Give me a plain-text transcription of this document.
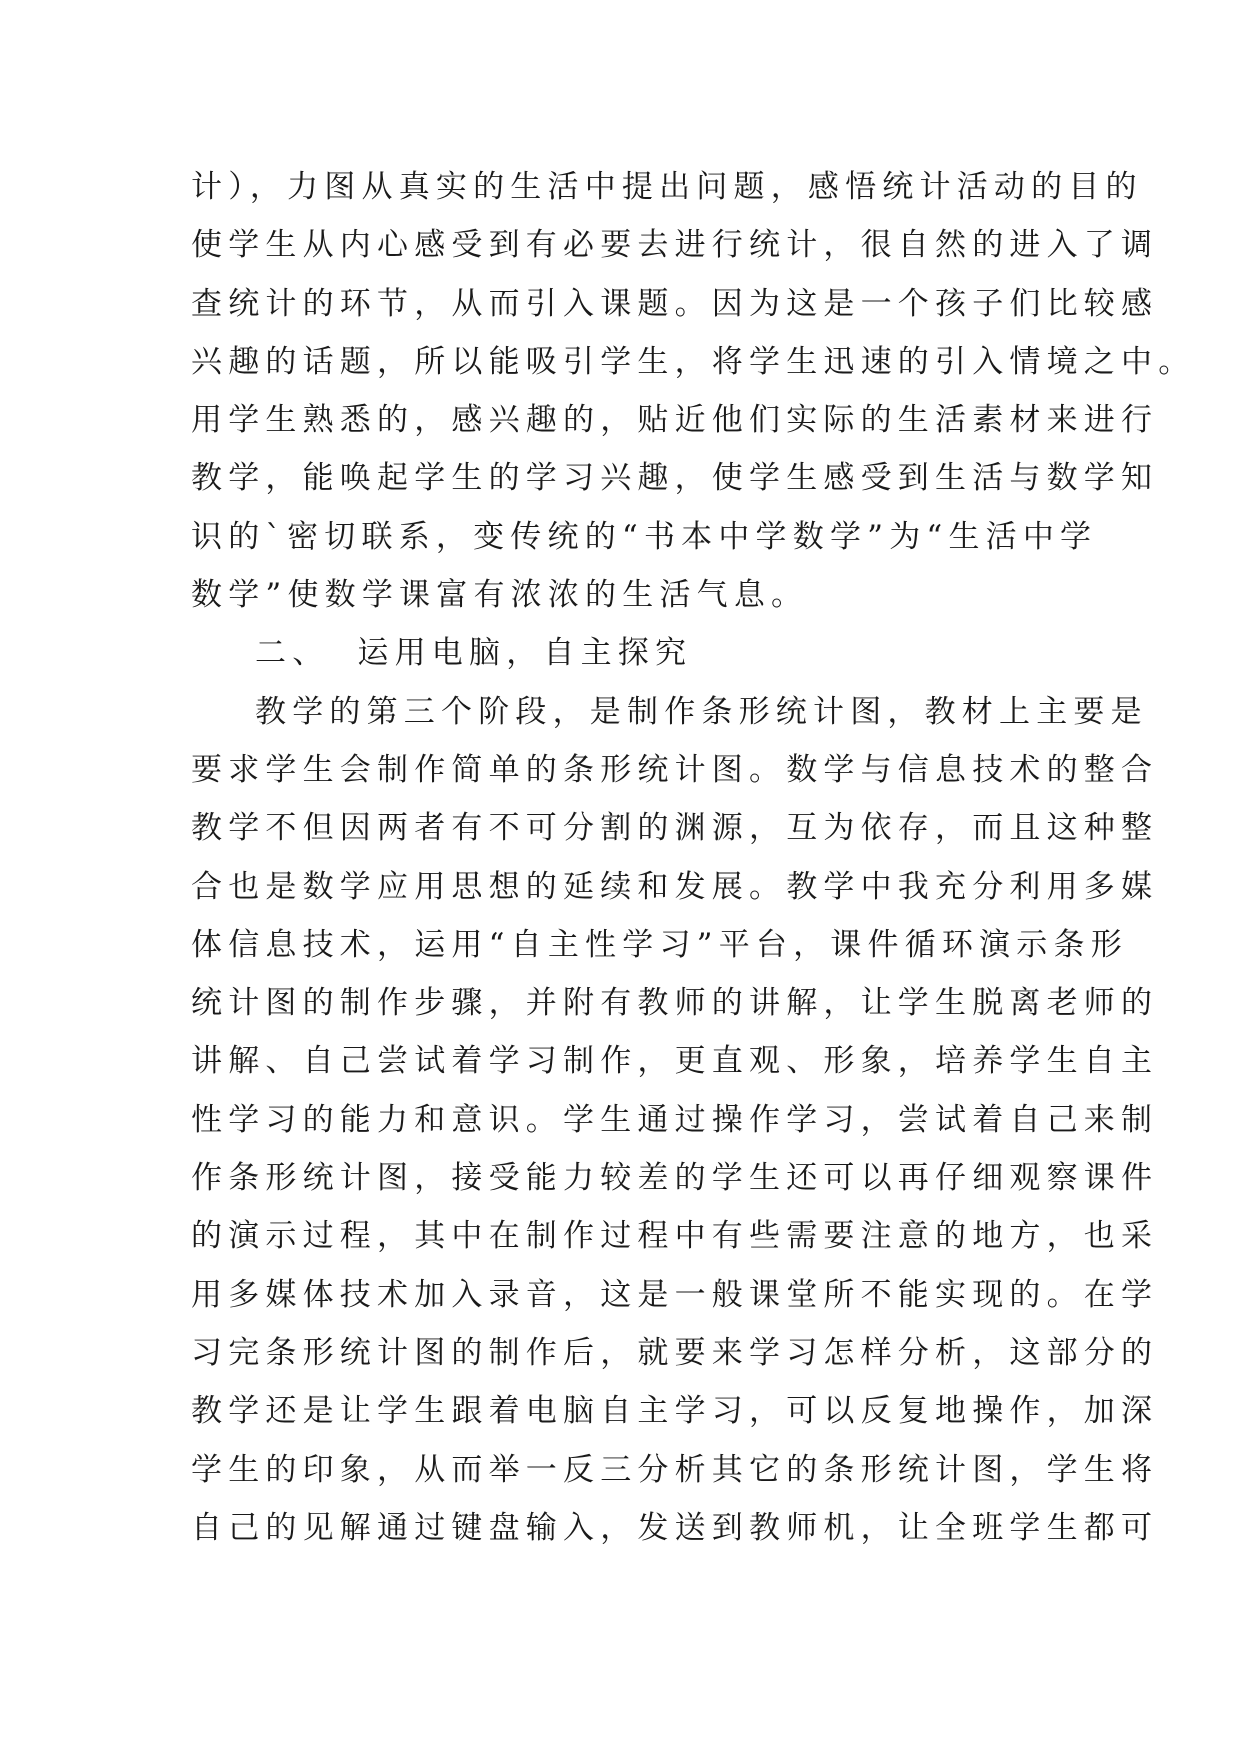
计），力图从真实的生活中提出问题，感悟统计活动的目的
使学生从内心感受到有必要去进行统计，很自然的进入了调
查统计的环节，从而引入课题。因为这是一个孩子们比较感
兴趣的话题，所以能吸引学生，将学生迅速的引入情境之中。
用学生熟悉的，感兴趣的，贴近他们实际的生活素材来进行
教学，能唤起学生的学习兴趣，使学生感受到生活与数学知
识的`密切联系，变传统的“书本中学数学”为“生活中学
数学”使数学课富有浓浓的生活气息。
二、 运用电脑，自主探究
教学的第三个阶段，是制作条形统计图，教材上主要是
要求学生会制作简单的条形统计图。数学与信息技术的整合
教学不但因两者有不可分割的渊源，互为依存，而且这种整
合也是数学应用思想的延续和发展。教学中我充分利用多媒
体信息技术，运用“自主性学习”平台，课件循环演示条形
统计图的制作步骤，并附有教师的讲解，让学生脱离老师的
讲解、自己尝试着学习制作，更直观、形象，培养学生自主
性学习的能力和意识。学生通过操作学习，尝试着自己来制
作条形统计图，接受能力较差的学生还可以再仔细观察课件
的演示过程，其中在制作过程中有些需要注意的地方，也采
用多媒体技术加入录音，这是一般课堂所不能实现的。在学
习完条形统计图的制作后，就要来学习怎样分析，这部分的
教学还是让学生跟着电脑自主学习，可以反复地操作，加深
学生的印象，从而举一反三分析其它的条形统计图，学生将
自己的见解通过键盘输入，发送到教师机，让全班学生都可
